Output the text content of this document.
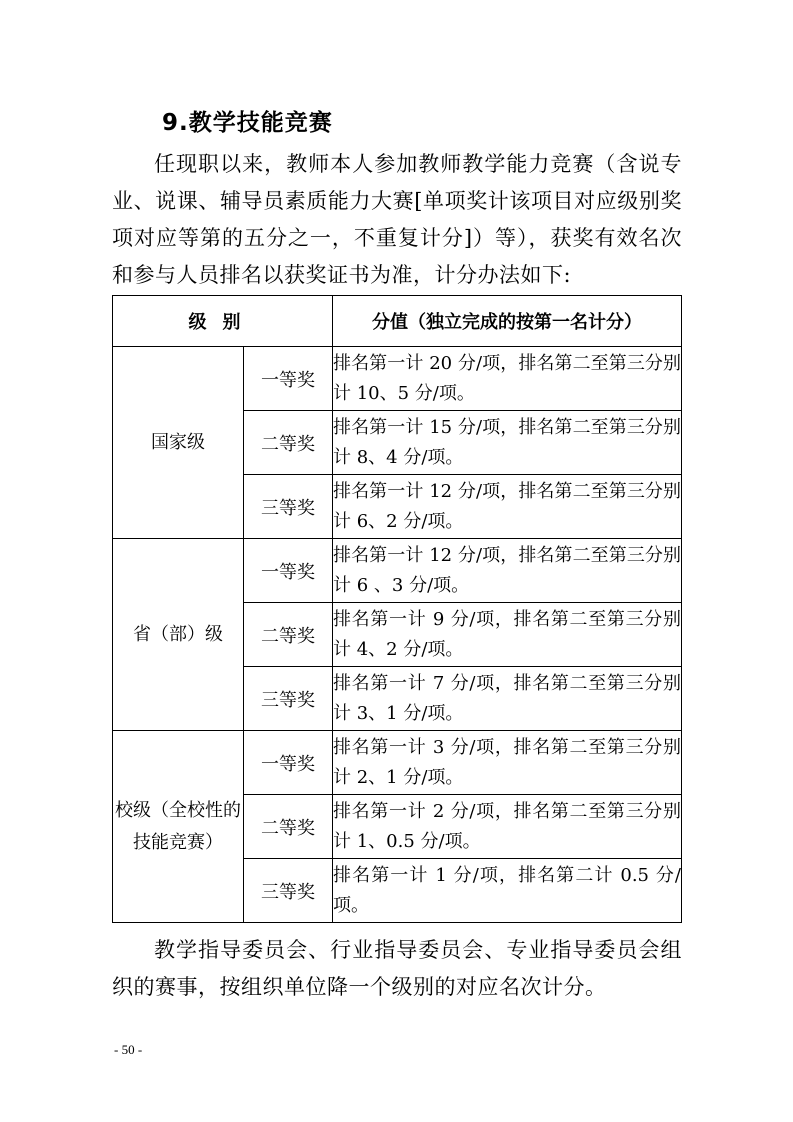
9.教学技能竞赛
任现职以来，教师本人参加教师教学能力竞赛（含说专业、说课、辅导员素质能力大赛[单项奖计该项目对应级别奖项对应等第的五分之一，不重复计分]）等），获奖有效名次和参与人员排名以获奖证书为准，计分办法如下:
级别		分值（独立完成的按第一名计分）
国家级	一等奖	排名第一计 20 分/项，排名第二至第三分别计 10、5 分/项。
	二等奖	排名第一计 15 分/项，排名第二至第三分别计 8、4 分/项。
	三等奖	排名第一计 12 分/项，排名第二至第三分别计 6、2 分/项。
省（部）级	一等奖	排名第一计 12 分/项，排名第二至第三分别计 6 、3 分/项。
	二等奖	排名第一计 9 分/项，排名第二至第三分别计 4、2 分/项。
	三等奖	排名第一计 7 分/项，排名第二至第三分别计 3、1 分/项。
校级（全校性的技能竞赛）	一等奖	排名第一计 3 分/项，排名第二至第三分别计 2、1 分/项。
	二等奖	排名第一计 2 分/项，排名第二至第三分别计 1、0.5 分/项。
	三等奖	排名第一计 1 分/项，排名第二计 0.5 分/项。
教学指导委员会、行业指导委员会、专业指导委员会组织的赛事，按组织单位降一个级别的对应名次计分。
- 50 -
